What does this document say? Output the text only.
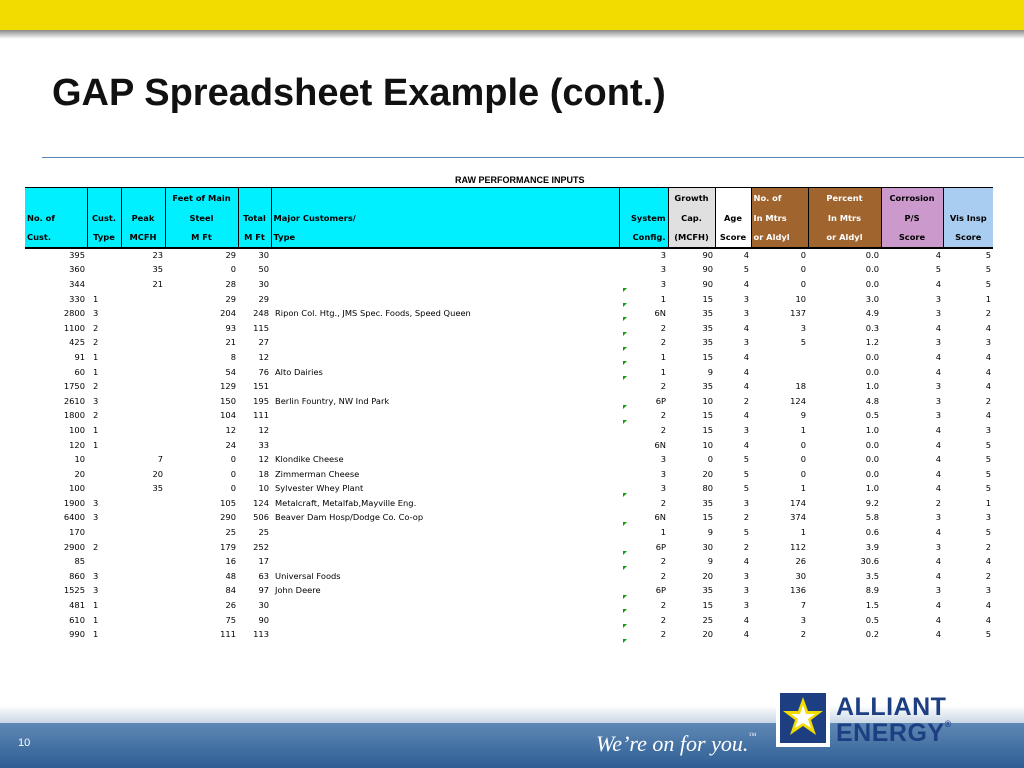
GAP Spreadsheet Example (cont.)
RAW PERFORMANCE INPUTS
			Feet of Main				Growth		No. of	Percent	Corrosion	
No. of	Cust.	Peak	Steel	Total	Major Customers/	System	Cap.	Age	In Mtrs	In Mtrs	P/S	Vis Insp
Cust.	Type	MCFH	M Ft	M Ft	Type	Config.	(MCFH)	Score	or Aldyl	or Aldyl	Score	Score
395		23	29	30		3	90	4	0	0.0	4	5
360		35	0	50		3	90	5	0	0.0	5	5
344		21	28	30		3	90	4	0	0.0	4	5
330	1		29	29		1	15	3	10	3.0	3	1
2800	3		204	248	Ripon Col. Htg., JMS Spec. Foods, Speed Queen	6N	35	3	137	4.9	3	2
1100	2		93	115		2	35	4	3	0.3	4	4
425	2		21	27		2	35	3	5	1.2	3	3
91	1		8	12		1	15	4		0.0	4	4
60	1		54	76	Alto Dairies	1	9	4		0.0	4	4
1750	2		129	151		2	35	4	18	1.0	3	4
2610	3		150	195	Berlin Fountry, NW Ind Park	6P	10	2	124	4.8	3	2
1800	2		104	111		2	15	4	9	0.5	3	4
100	1		12	12		2	15	3	1	1.0	4	3
120	1		24	33		6N	10	4	0	0.0	4	5
10		7	0	12	Klondike Cheese	3	0	5	0	0.0	4	5
20		20	0	18	Zimmerman Cheese	3	20	5	0	0.0	4	5
100		35	0	10	Sylvester Whey Plant	3	80	5	1	1.0	4	5
1900	3		105	124	Metalcraft, Metalfab,Mayville Eng.	2	35	3	174	9.2	2	1
6400	3		290	506	Beaver Dam Hosp/Dodge Co. Co-op	6N	15	2	374	5.8	3	3
170			25	25		1	9	5	1	0.6	4	5
2900	2		179	252		6P	30	2	112	3.9	3	2
85			16	17		2	9	4	26	30.6	4	4
860	3		48	63	Universal Foods	2	20	3	30	3.5	4	2
1525	3		84	97	John Deere	6P	35	3	136	8.9	3	3
481	1		26	30		2	15	3	7	1.5	4	4
610	1		75	90		2	25	4	3	0.5	4	4
990	1		111	113		2	20	4	2	0.2	4	5
10	We’re on for you.™
ALLIANT
ENERGY®
